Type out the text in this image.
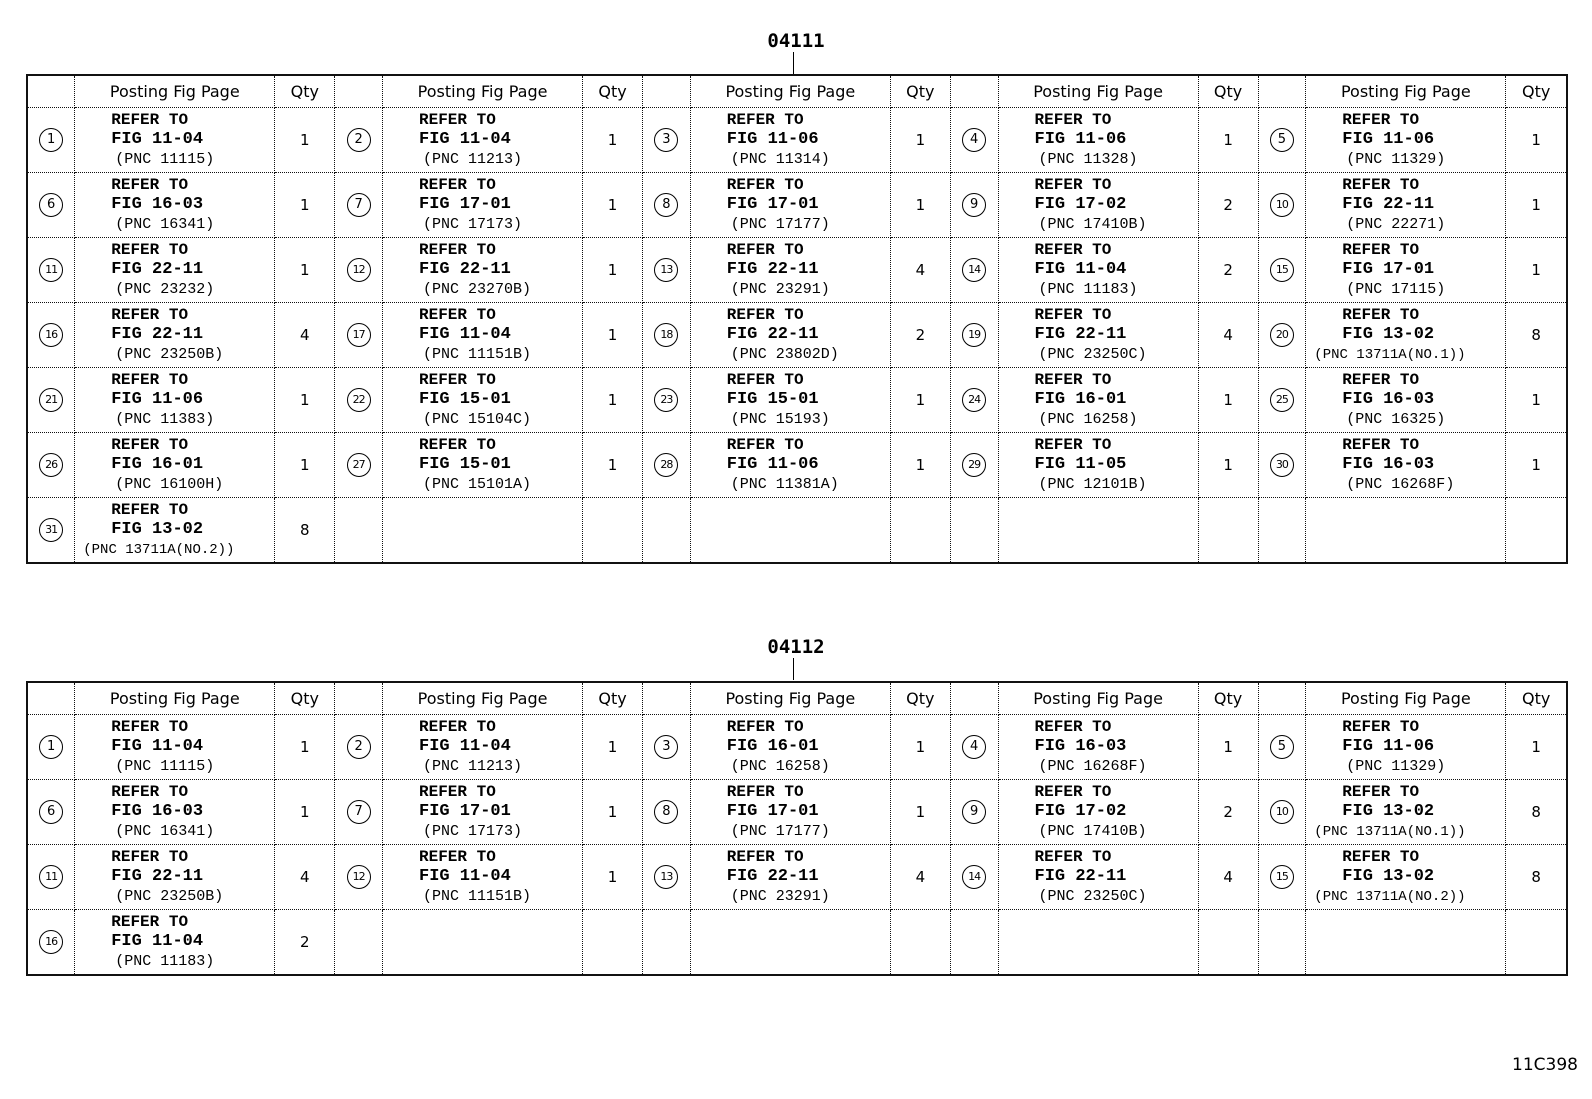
04111
	Posting Fig Page	Qty		Posting Fig Page	Qty		Posting Fig Page	Qty		Posting Fig Page	Qty		Posting Fig Page	Qty
1	REFER TO
FIG 11-04
(PNC 11115)	1	2	REFER TO
FIG 11-04
(PNC 11213)	1	3	REFER TO
FIG 11-06
(PNC 11314)	1	4	REFER TO
FIG 11-06
(PNC 11328)	1	5	REFER TO
FIG 11-06
(PNC 11329)	1
6	REFER TO
FIG 16-03
(PNC 16341)	1	7	REFER TO
FIG 17-01
(PNC 17173)	1	8	REFER TO
FIG 17-01
(PNC 17177)	1	9	REFER TO
FIG 17-02
(PNC 17410B)	2	10	REFER TO
FIG 22-11
(PNC 22271)	1
11	REFER TO
FIG 22-11
(PNC 23232)	1	12	REFER TO
FIG 22-11
(PNC 23270B)	1	13	REFER TO
FIG 22-11
(PNC 23291)	4	14	REFER TO
FIG 11-04
(PNC 11183)	2	15	REFER TO
FIG 17-01
(PNC 17115)	1
16	REFER TO
FIG 22-11
(PNC 23250B)	4	17	REFER TO
FIG 11-04
(PNC 11151B)	1	18	REFER TO
FIG 22-11
(PNC 23802D)	2	19	REFER TO
FIG 22-11
(PNC 23250C)	4	20	REFER TO
FIG 13-02
(PNC 13711A(NO.1))	8
21	REFER TO
FIG 11-06
(PNC 11383)	1	22	REFER TO
FIG 15-01
(PNC 15104C)	1	23	REFER TO
FIG 15-01
(PNC 15193)	1	24	REFER TO
FIG 16-01
(PNC 16258)	1	25	REFER TO
FIG 16-03
(PNC 16325)	1
26	REFER TO
FIG 16-01
(PNC 16100H)	1	27	REFER TO
FIG 15-01
(PNC 15101A)	1	28	REFER TO
FIG 11-06
(PNC 11381A)	1	29	REFER TO
FIG 11-05
(PNC 12101B)	1	30	REFER TO
FIG 16-03
(PNC 16268F)	1
31	REFER TO
FIG 13-02
(PNC 13711A(NO.2))	8												
04112
	Posting Fig Page	Qty		Posting Fig Page	Qty		Posting Fig Page	Qty		Posting Fig Page	Qty		Posting Fig Page	Qty
1	REFER TO
FIG 11-04
(PNC 11115)	1	2	REFER TO
FIG 11-04
(PNC 11213)	1	3	REFER TO
FIG 16-01
(PNC 16258)	1	4	REFER TO
FIG 16-03
(PNC 16268F)	1	5	REFER TO
FIG 11-06
(PNC 11329)	1
6	REFER TO
FIG 16-03
(PNC 16341)	1	7	REFER TO
FIG 17-01
(PNC 17173)	1	8	REFER TO
FIG 17-01
(PNC 17177)	1	9	REFER TO
FIG 17-02
(PNC 17410B)	2	10	REFER TO
FIG 13-02
(PNC 13711A(NO.1))	8
11	REFER TO
FIG 22-11
(PNC 23250B)	4	12	REFER TO
FIG 11-04
(PNC 11151B)	1	13	REFER TO
FIG 22-11
(PNC 23291)	4	14	REFER TO
FIG 22-11
(PNC 23250C)	4	15	REFER TO
FIG 13-02
(PNC 13711A(NO.2))	8
16	REFER TO
FIG 11-04
(PNC 11183)	2												
11C398
